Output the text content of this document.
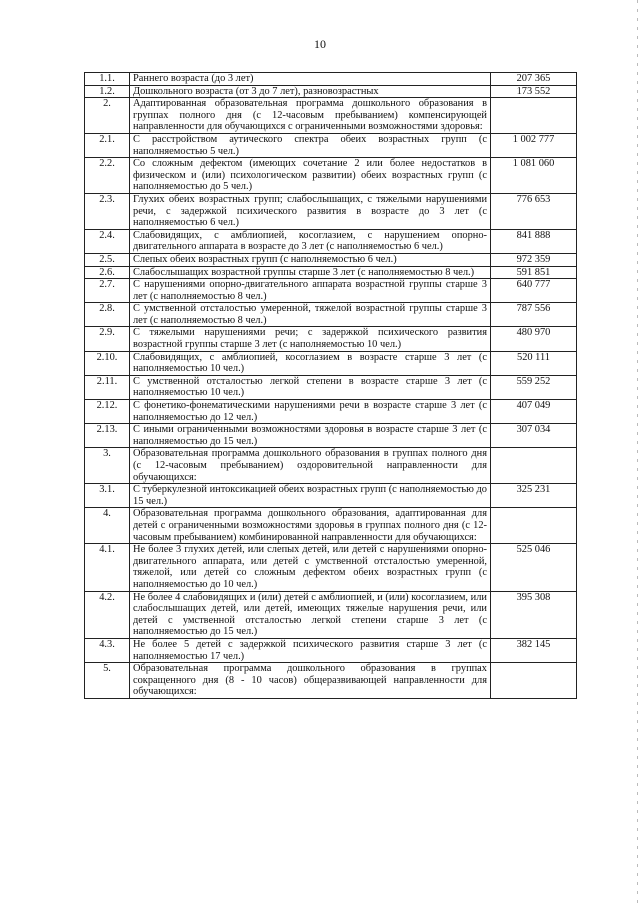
10
1.1.	Раннего возраста (до 3 лет)	207 365
1.2.	Дошкольного возраста (от 3 до 7 лет), разновозрастных	173 552
2.	Адаптированная образовательная программа дошкольного образования в группах полного дня (с 12-часовым пребыванием) компенсирующей направленности для обучающихся с ограниченными возможностями здоровья:	
2.1.	С расстройством аутического спектра обеих возрастных групп (с наполняемостью 5 чел.)	1 002 777
2.2.	Со сложным дефектом (имеющих сочетание 2 или более недостатков в физическом и (или) психологическом развитии) обеих возрастных групп (с наполняемостью до 5 чел.)	1 081 060
2.3.	Глухих обеих возрастных групп; слабослышащих, с тяжелыми нарушениями речи, с задержкой психического развития в возрасте до 3 лет (с наполняемостью 6 чел.)	776 653
2.4.	Слабовидящих, с амблиопией, косоглазием, с нарушением опорно-двигательного аппарата в возрасте до 3 лет (с наполняемостью 6 чел.)	841 888
2.5.	Слепых обеих возрастных групп (с наполняемостью 6 чел.)	972 359
2.6.	Слабослышащих возрастной группы старше 3 лет (с наполняемостью 8 чел.)	591 851
2.7.	С нарушениями опорно-двигательного аппарата возрастной группы старше 3 лет (с наполняемостью 8 чел.)	640 777
2.8.	С умственной отсталостью умеренной, тяжелой возрастной группы старше 3 лет (с наполняемостью 8 чел.)	787 556
2.9.	С тяжелыми нарушениями речи; с задержкой психического развития возрастной группы старше 3 лет (с наполняемостью 10 чел.)	480 970
2.10.	Слабовидящих, с амблиопией, косоглазием в возрасте старше 3 лет (с наполняемостью 10 чел.)	520 111
2.11.	С умственной отсталостью легкой степени в возрасте старше 3 лет (с наполняемостью 10 чел.)	559 252
2.12.	С фонетико-фонематическими нарушениями речи в возрасте старше 3 лет (с наполняемостью до 12 чел.)	407 049
2.13.	С иными ограниченными возможностями здоровья в возрасте старше 3 лет (с наполняемостью до 15 чел.)	307 034
3.	Образовательная программа дошкольного образования в группах полного дня (с 12-часовым пребыванием) оздоровительной направленности для обучающихся:	
3.1.	С туберкулезной интоксикацией обеих возрастных групп (с наполняемостью до 15 чел.)	325 231
4.	Образовательная программа дошкольного образования, адаптированная для детей с ограниченными возможностями здоровья в группах полного дня (с 12-часовым пребыванием) комбинированной направленности для обучающихся:	
4.1.	Не более 3 глухих детей, или слепых детей, или детей с нарушениями опорно-двигательного аппарата, или детей с умственной отсталостью умеренной, тяжелой, или детей со сложным дефектом обеих возрастных групп (с наполняемостью до 10 чел.)	525 046
4.2.	Не более 4 слабовидящих и (или) детей с амблиопией, и (или) косоглазием, или слабослышащих детей, или детей, имеющих тяжелые нарушения речи, или детей с умственной отсталостью легкой степени старше 3 лет (с наполняемостью до 15 чел.)	395 308
4.3.	Не более 5 детей с задержкой психического развития старше 3 лет (с наполняемостью 17 чел.)	382 145
5.	Образовательная программа дошкольного образования в группах сокращенного дня (8 - 10 часов) общеразвивающей направленности для обучающихся:	
